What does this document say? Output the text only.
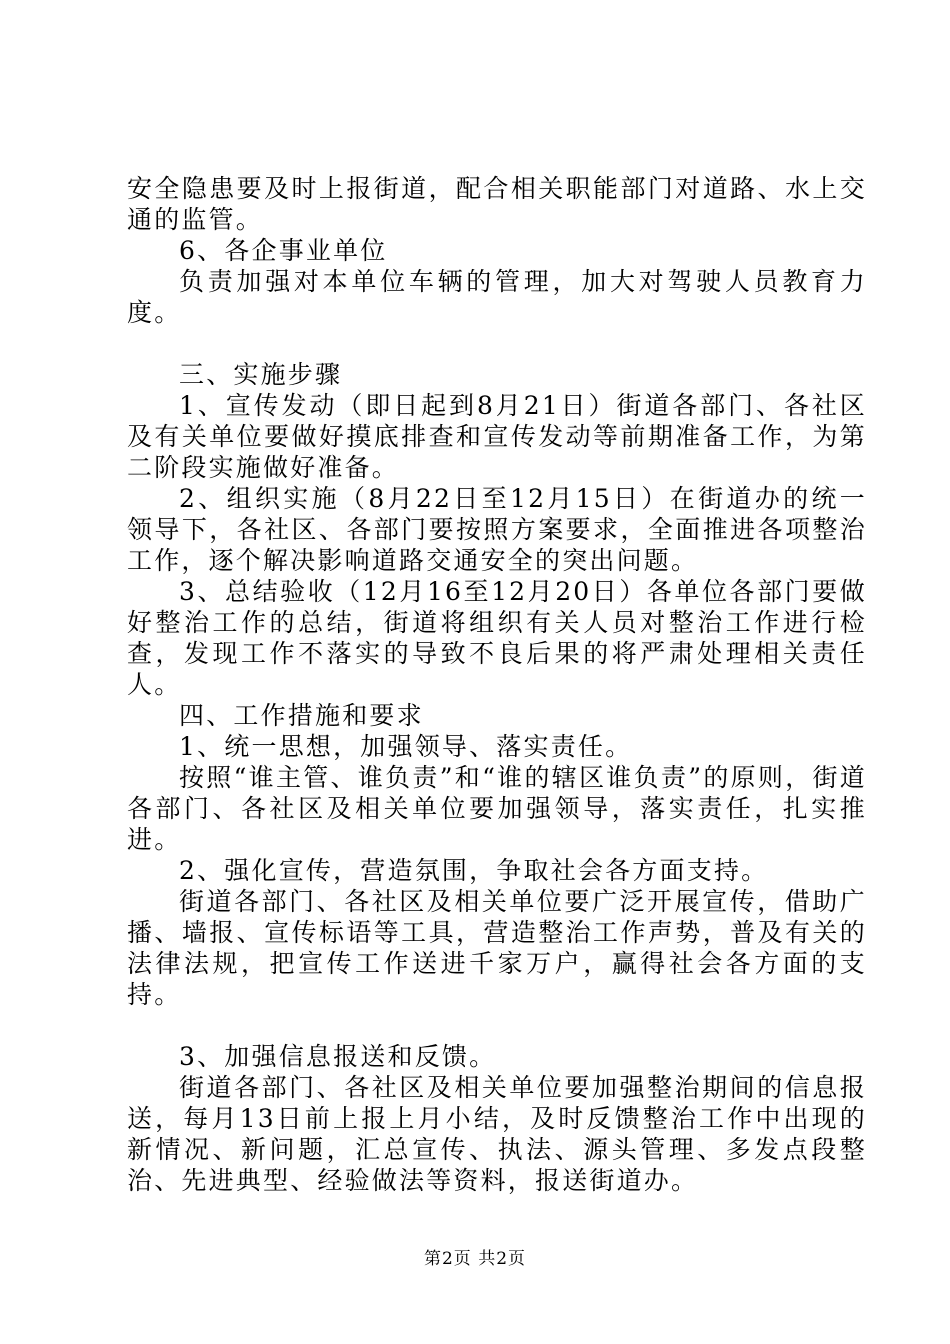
安全隐患要及时上报街道，配合相关职能部门对道路、水上交通的监管。

6、各企事业单位

负责加强对本单位车辆的管理，加大对驾驶人员教育力度。

三、实施步骤

1、宣传发动（即日起到8月21日）街道各部门、各社区及有关单位要做好摸底排查和宣传发动等前期准备工作，为第二阶段实施做好准备。

2、组织实施（8月22日至12月15日）在街道办的统一领导下，各社区、各部门要按照方案要求，全面推进各项整治工作，逐个解决影响道路交通安全的突出问题。

3、总结验收（12月16至12月20日）各单位各部门要做好整治工作的总结，街道将组织有关人员对整治工作进行检查，发现工作不落实的导致不良后果的将严肃处理相关责任人。

四、工作措施和要求

1、统一思想，加强领导、落实责任。

按照“谁主管、谁负责”和“谁的辖区谁负责”的原则，街道各部门、各社区及相关单位要加强领导，落实责任，扎实推进。

2、强化宣传，营造氛围，争取社会各方面支持。

街道各部门、各社区及相关单位要广泛开展宣传，借助广播、墙报、宣传标语等工具，营造整治工作声势，普及有关的法律法规，把宣传工作送进千家万户，赢得社会各方面的支持。

3、加强信息报送和反馈。

街道各部门、各社区及相关单位要加强整治期间的信息报送，每月13日前上报上月小结，及时反馈整治工作中出现的新情况、新问题，汇总宣传、执法、源头管理、多发点段整治、先进典型、经验做法等资料，报送街道办。

第2页 共2页
